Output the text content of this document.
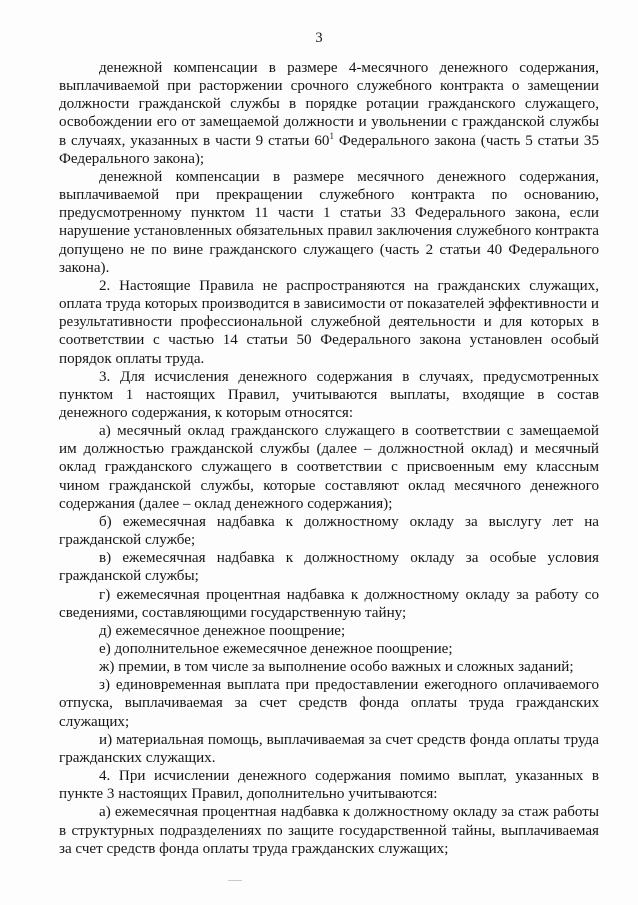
3

денежной компенсации в размере 4-месячного денежного содержания, выплачиваемой при расторжении срочного служебного контракта о замещении должности гражданской службы в порядке ротации гражданского служащего, освобождении его от замещаемой должности и увольнении с гражданской службы в случаях, указанных в части 9 статьи $60^1$ Федерального закона (часть 5 статьи 35 Федерального закона);

денежной компенсации в размере месячного денежного содержания, выплачиваемой при прекращении служебного контракта по основанию, предусмотренному пунктом 11 части 1 статьи 33 Федерального закона, если нарушение установленных обязательных правил заключения служебного контракта допущено не по вине гражданского служащего (часть 2 статьи 40 Федерального закона).

2. Настоящие Правила не распространяются на гражданских служащих, оплата труда которых производится в зависимости от показателей эффективности и результативности профессиональной служебной деятельности и для которых в соответствии с частью 14 статьи 50 Федерального закона установлен особый порядок оплаты труда.

3. Для исчисления денежного содержания в случаях, предусмотренных пунктом 1 настоящих Правил, учитываются выплаты, входящие в состав денежного содержания, к которым относятся:

а) месячный оклад гражданского служащего в соответствии с замещаемой им должностью гражданской службы (далее – должностной оклад) и месячный оклад гражданского служащего в соответствии с присвоенным ему классным чином гражданской службы, которые составляют оклад месячного денежного содержания (далее – оклад денежного содержания);

б) ежемесячная надбавка к должностному окладу за выслугу лет на гражданской службе;

в) ежемесячная надбавка к должностному окладу за особые условия гражданской службы;

г) ежемесячная процентная надбавка к должностному окладу за работу со сведениями, составляющими государственную тайну;

д) ежемесячное денежное поощрение;

е) дополнительное ежемесячное денежное поощрение;

ж) премии, в том числе за выполнение особо важных и сложных заданий;

з) единовременная выплата при предоставлении ежегодного оплачиваемого отпуска, выплачиваемая за счет средств фонда оплаты труда гражданских служащих;

и) материальная помощь, выплачиваемая за счет средств фонда оплаты труда гражданских служащих.

4. При исчислении денежного содержания помимо выплат, указанных в пункте 3 настоящих Правил, дополнительно учитываются:

а) ежемесячная процентная надбавка к должностному окладу за стаж работы в структурных подразделениях по защите государственной тайны, выплачиваемая за счет средств фонда оплаты труда гражданских служащих;
